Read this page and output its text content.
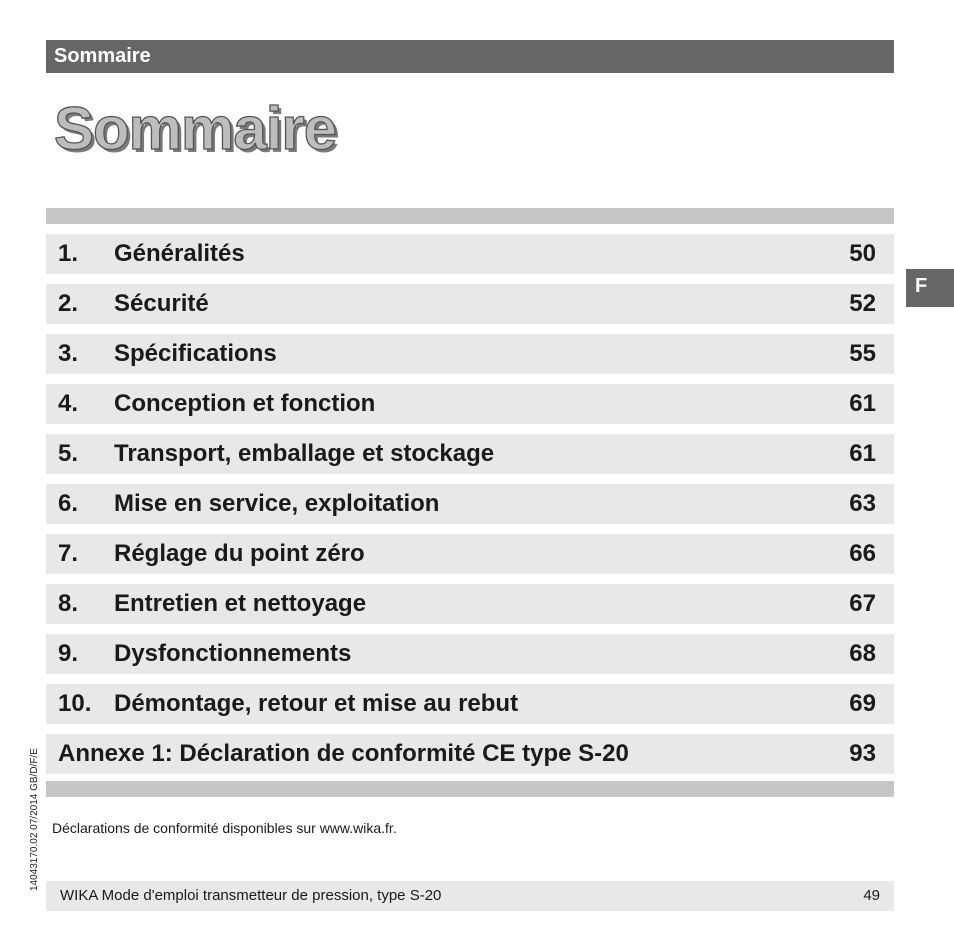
Sommaire
Sommaire
F
1. Généralités	50
2. Sécurité	52
3. Spécifications	55
4. Conception et fonction	61
5. Transport, emballage et stockage	61
6. Mise en service, exploitation	63
7. Réglage du point zéro	66
8. Entretien et nettoyage	67
9. Dysfonctionnements	68
10. Démontage, retour et mise au rebut	69
Annexe 1: Déclaration de conformité CE type S-20	93
Déclarations de conformité disponibles sur www.wika.fr.
14043170.02 07/2014 GB/D/F/E
WIKA Mode d'emploi transmetteur de pression, type S-20	49
